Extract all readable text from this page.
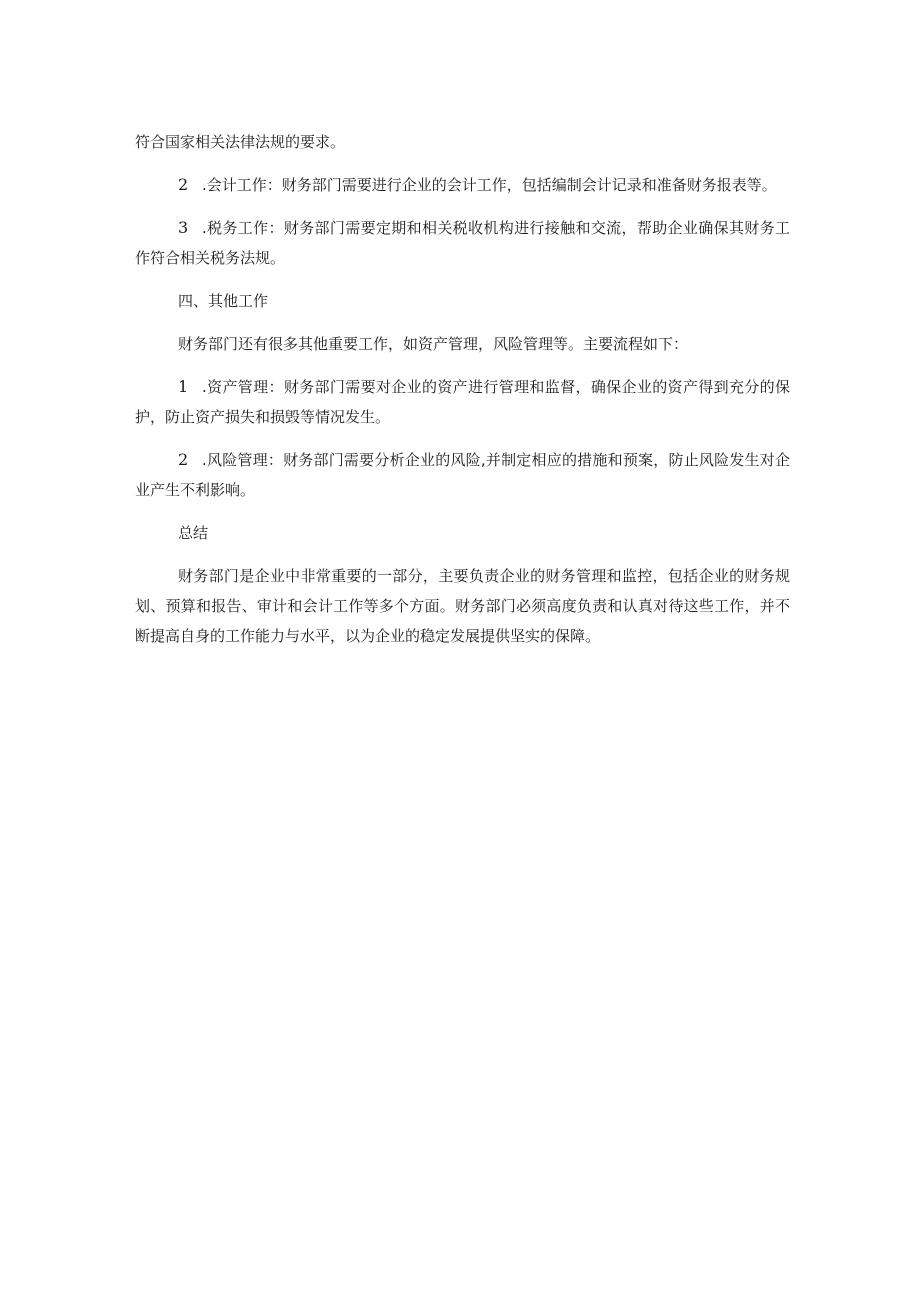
符合国家相关法律法规的要求。

2 .会计工作：财务部门需要进行企业的会计工作，包括编制会计记录和准备财务报表等。

3 .税务工作：财务部门需要定期和相关税收机构进行接触和交流，帮助企业确保其财务工作符合相关税务法规。

四、其他工作

财务部门还有很多其他重要工作，如资产管理，风险管理等。主要流程如下：

1 .资产管理：财务部门需要对企业的资产进行管理和监督，确保企业的资产得到充分的保护，防止资产损失和损毁等情况发生。

2 .风险管理：财务部门需要分析企业的风险,并制定相应的措施和预案，防止风险发生对企业产生不利影响。

总结

财务部门是企业中非常重要的一部分，主要负责企业的财务管理和监控，包括企业的财务规划、预算和报告、审计和会计工作等多个方面。财务部门必须高度负责和认真对待这些工作，并不断提高自身的工作能力与水平，以为企业的稳定发展提供坚实的保障。
